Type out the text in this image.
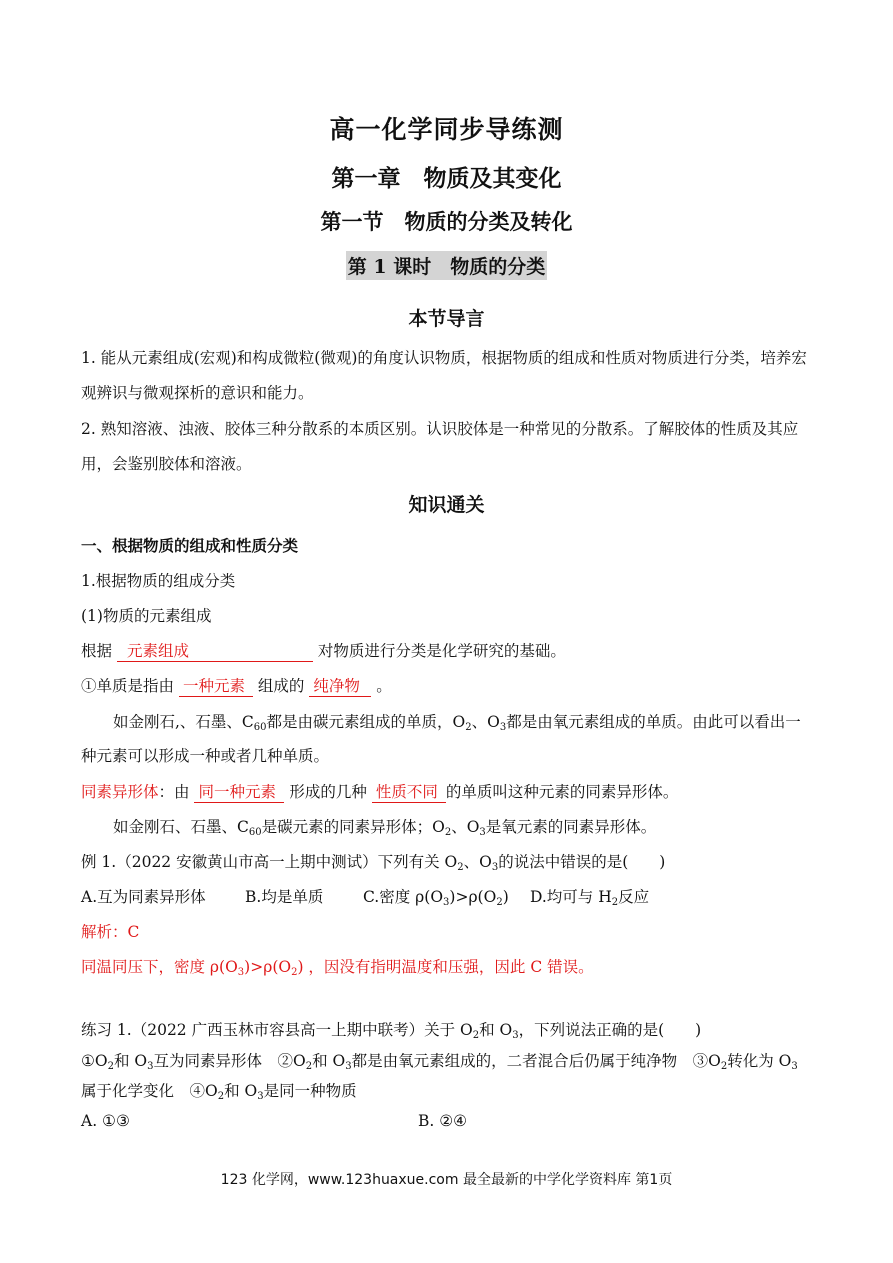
高一化学同步导练测
第一章　物质及其变化
第一节　物质的分类及转化
第 1 课时　物质的分类
本节导言
1. 能从元素组成(宏观)和构成微粒(微观)的角度认识物质，根据物质的组成和性质对物质进行分类，培养宏
观辨识与微观探析的意识和能力。
2. 熟知溶液、浊液、胶体三种分散系的本质区别。认识胶体是一种常见的分散系。了解胶体的性质及其应
用，会鉴别胶体和溶液。
知识通关
一、根据物质的组成和性质分类
1.根据物质的组成分类
(1)物质的元素组成
根据 元素组成	对物质进行分类是化学研究的基础。
①单质是指由 一种元素 组成的 纯净物 。
如金刚石,、石墨、$C_{60}$都是由碳元素组成的单质，$O_2$、$O_3$都是由氧元素组成的单质。由此可以看出一
种元素可以形成一种或者几种单质。
同素异形体：由 同一种元素 形成的几种 性质不同 的单质叫这种元素的同素异形体。
如金刚石、石墨、$C_{60}$是碳元素的同素异形体；$O_2$、$O_3$是氧元素的同素异形体。
例 1.（2022 安徽黄山市高一上期中测试）下列有关 $O_2$、$O_3$的说法中错误的是(　　)
A.互为同素异形体	B.均是单质	C.密度 $\rho(O_3)>\rho(O_2)$ D.均可与 $H_2$反应
解析：C
同温同压下，密度 $\rho(O_3)>\rho(O_2)$ ，因没有指明温度和压强，因此 C 错误。
练习 1.（2022 广西玉林市容县高一上期中联考）关于 $O_2$和 $O_3$，下列说法正确的是(　　)
$①O_2$和 $O_3$互为同素异形体　$②O_2$和 $O_3$都是由氧元素组成的，二者混合后仍属于纯净物　$③O_2$转化为 $O_3$
属于化学变化　$④O_2$和 $O_3$是同一种物质
A. ①③	B. ②④
123 化学网，www.123huaxue.com 最全最新的中学化学资料库 第1页
